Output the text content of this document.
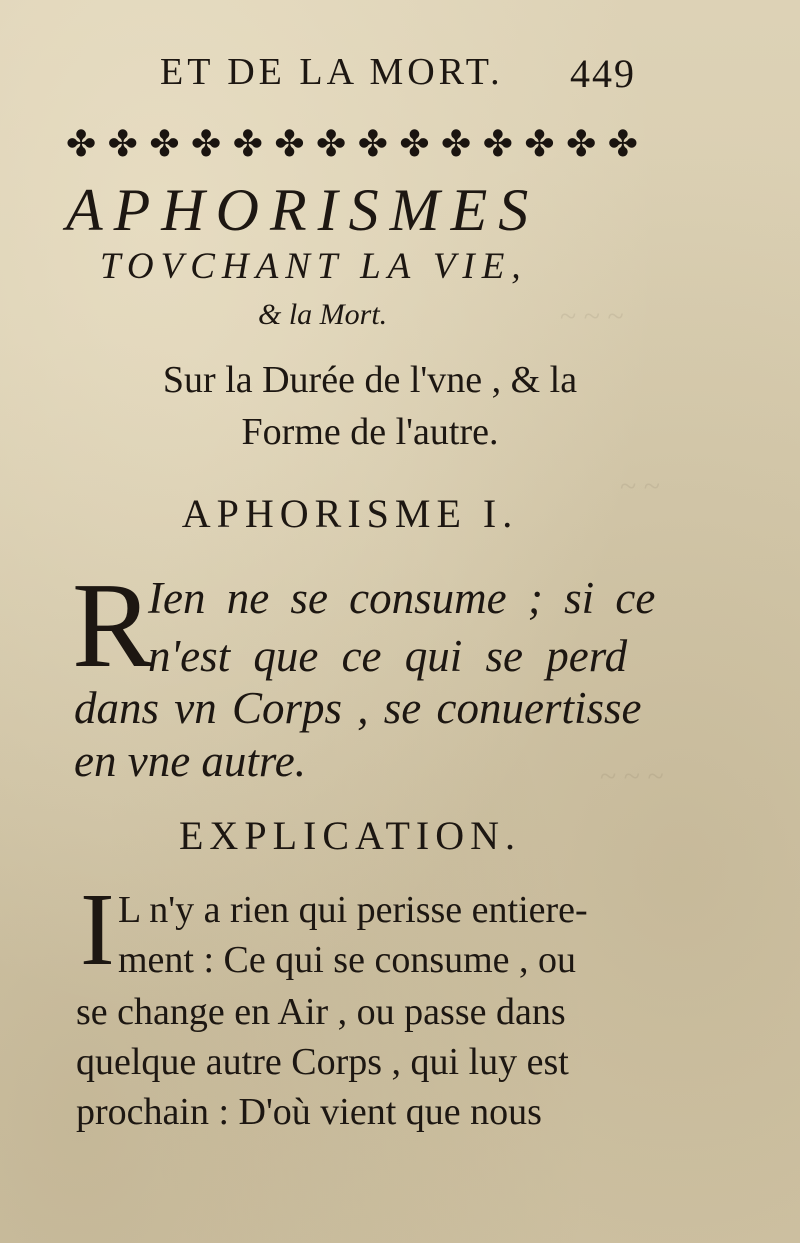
~ ~ ~
~ ~
~ ~ ~
ET DE LA MORT. 449
✤ ✤ ✤ ✤ ✤ ✤ ✤ ✤ ✤ ✤ ✤ ✤ ✤ ✤
APHORISMES
TOVCHANT LA VIE,
& la Mort.
Sur la Durée de l'vne , & la
Forme de l'autre.
APHORISME I.
R
Ien ne se consume ; si ce
n'est que ce qui se perd
dans vn Corps , se conuertisse
en vne autre.
EXPLICATION.
I L n'y a rien qui perisse entiere-
ment : Ce qui se consume , ou
se change en Air , ou passe dans
quelque autre Corps , qui luy est
prochain : D'où vient que nous
